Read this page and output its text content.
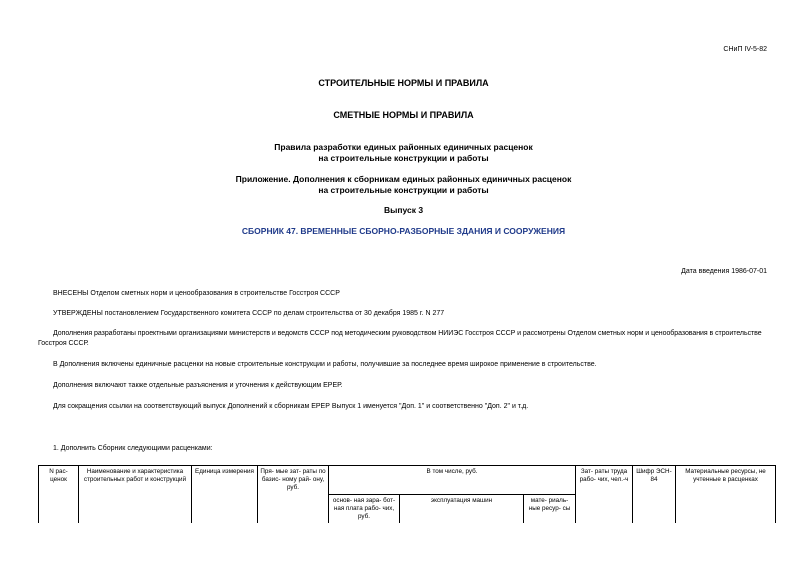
СНиП IV-5-82
СТРОИТЕЛЬНЫЕ НОРМЫ И ПРАВИЛА
СМЕТНЫЕ НОРМЫ И ПРАВИЛА
Правила разработки единых районных единичных расценок
на строительные конструкции и работы
Приложение. Дополнения к сборникам единых районных единичных расценок
на строительные конструкции и работы
Выпуск 3
СБОРНИК 47. ВРЕМЕННЫЕ СБОРНО-РАЗБОРНЫЕ ЗДАНИЯ И СООРУЖЕНИЯ
Дата введения 1986-07-01
ВНЕСЕНЫ Отделом сметных норм и ценообразования в строительстве Госстроя СССР
УТВЕРЖДЕНЫ постановлением Государственного комитета СССР по делам строительства от 30 декабря 1985 г. N 277
Дополнения разработаны проектными организациями министерств и ведомств СССР под методическим руководством НИИЭС Госстроя СССР и рассмотрены Отделом сметных норм и ценообразования в строительстве Госстроя СССР.
В Дополнения включены единичные расценки на новые строительные конструкции и работы, получившие за последнее время широкое применение в строительстве.
Дополнения включают также отдельные разъяснения и уточнения к действующим ЕРЕР.
Для сокращения ссылки на соответствующий выпуск Дополнений к сборникам ЕРЕР Выпуск 1 именуется "Доп. 1" и соответственно "Доп. 2" и т.д.
1. Дополнить Сборник следующими расценками:
N рас- ценок	Наименование и характеристика строительных работ и конструкций	Единица измерения	Пря- мые зат- раты по базис- ному рай- ону, руб.	В том числе, руб.			Зат- раты труда рабо- чих, чел.-ч	Шифр ЭСН- 84	Материальные ресурсы, не учтенные в расценках
				основ- ная зара- бот- ная плата рабо- чих, руб.	эксплуатация машин	мате- риаль- ные ресур- сы			
